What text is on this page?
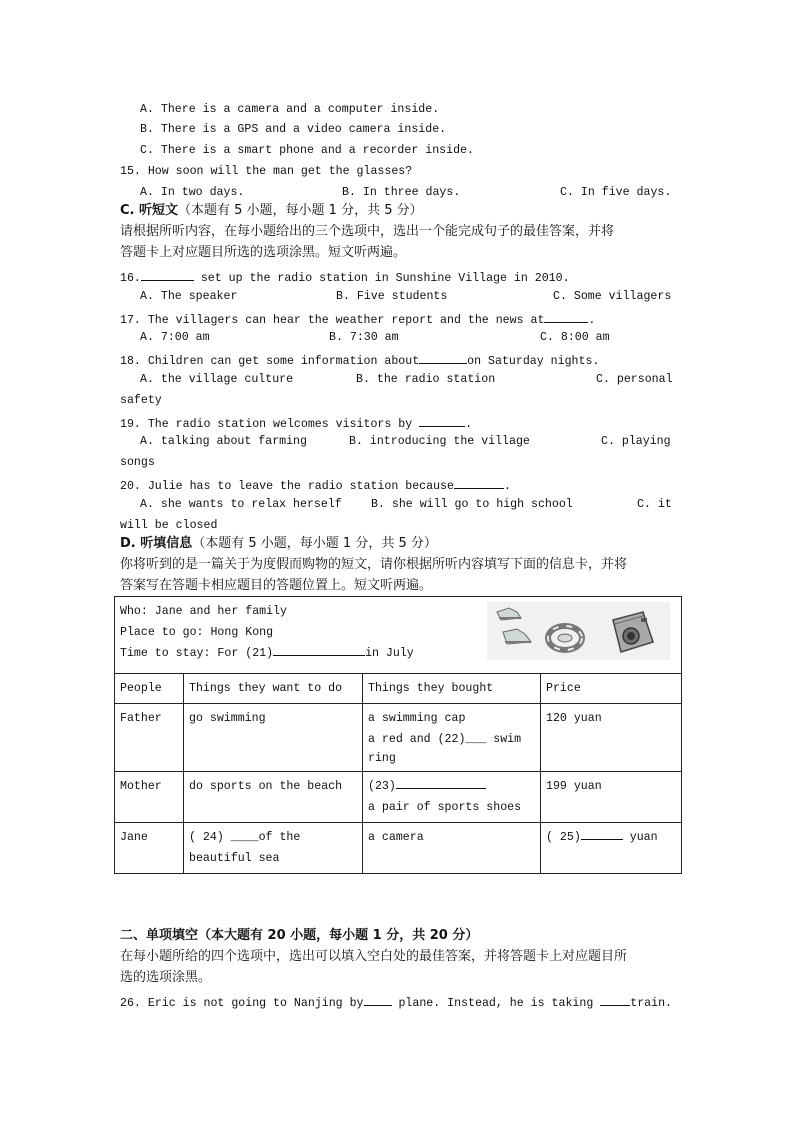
A. There is a camera and a computer inside.
B. There is a GPS and a video camera inside.
C. There is a smart phone and a recorder inside.
15. How soon will the man get the glasses?
A. In two days.	B. In three days.	C. In five days.
C. 听短文（本题有 5 小题，每小题 1 分，共 5 分）
请根据所听内容，在每小题给出的三个选项中，选出一个能完成句子的最佳答案，并将
答题卡上对应题目所选的选项涂黑。短文听两遍。
16.	set up the radio station in Sunshine Village in 2010.
A. The speaker	B. Five students	C. Some villagers
17. The villagers can hear the weather report and the news at	.
A. 7:00 am	B. 7:30 am	C. 8:00 am
18. Children can get some information about	on Saturday nights.
A. the village culture	B. the radio station	C. personal
safety
19. The radio station welcomes visitors by	.
A. talking about farming	B. introducing the village	C. playing
songs
20. Julie has to leave the radio station because	.
A. she wants to relax herself	B. she will go to high school	C. it
will be closed
D. 听填信息（本题有 5 小题，每小题 1 分，共 5 分）
你将听到的是一篇关于为度假而购物的短文，请你根据所听内容填写下面的信息卡，并将
答案写在答题卡相应题目的答题位置上。短文听两遍。
Who: Jane and her family
Place to go: Hong Kong
Time to stay: For (21) in July			

People	Things they want to do	Things they bought	Price
Father	go swimming	a swimming cap
a red and (22)___ swim
ring	120 yuan
Mother	do sports on the beach	(23)
a pair of sports shoes	199 yuan
Jane	( 24) ____of the
beautiful sea	a camera	( 25) yuan
二、单项填空（本大题有 20 小题，每小题 1 分，共 20 分）
在每小题所给的四个选项中，选出可以填入空白处的最佳答案，并将答题卡上对应题目所
选的选项涂黑。
26. Eric is not going to Nanjing by plane. Instead, he is taking	train.
